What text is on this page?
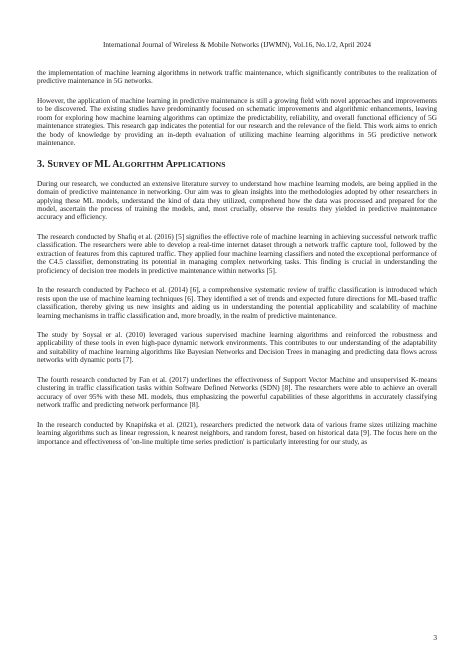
International Journal of Wireless & Mobile Networks (IJWMN), Vol.16, No.1/2, April 2024

the implementation of machine learning algorithms in network traffic maintenance, which significantly contributes to the realization of predictive maintenance in 5G networks.

However, the application of machine learning in predictive maintenance is still a growing field with novel approaches and improvements to be discovered. The existing studies have predominantly focused on schematic improvements and algorithmic enhancements, leaving room for exploring how machine learning algorithms can optimize the predictability, reliability, and overall functional efficiency of 5G maintenance strategies. This research gap indicates the potential for our research and the relevance of the field. This work aims to enrich the body of knowledge by providing an in-depth evaluation of utilizing machine learning algorithms in 5G predictive network maintenance.

3. SURVEY OF ML ALGORITHM APPLICATIONS

During our research, we conducted an extensive literature survey to understand how machine learning models, are being applied in the domain of predictive maintenance in networking. Our aim was to glean insights into the methodologies adopted by other researchers in applying these ML models, understand the kind of data they utilized, comprehend how the data was processed and prepared for the model, ascertain the process of training the models, and, most crucially, observe the results they yielded in predictive maintenance accuracy and efficiency.

The research conducted by Shafiq et al. (2016) [5] signifies the effective role of machine learning in achieving successful network traffic classification. The researchers were able to develop a real-time internet dataset through a network traffic capture tool, followed by the extraction of features from this captured traffic. They applied four machine learning classifiers and noted the exceptional performance of the C4.5 classifier, demonstrating its potential in managing complex networking tasks. This finding is crucial in understanding the proficiency of decision tree models in predictive maintenance within networks [5].

In the research conducted by Pacheco et al. (2014) [6], a comprehensive systematic review of traffic classification is introduced which rests upon the use of machine learning techniques [6]. They identified a set of trends and expected future directions for ML-based traffic classification, thereby giving us new insights and aiding us in understanding the potential applicability and scalability of machine learning mechanisms in traffic classification and, more broadly, in the realm of predictive maintenance.

The study by Soysal er al. (2010) leveraged various supervised machine learning algorithms and reinforced the robustness and applicability of these tools in even high-pace dynamic network environments. This contributes to our understanding of the adaptability and suitability of machine learning algorithms like Bayesian Networks and Decision Trees in managing and predicting data flows across networks with dynamic ports [7].

The fourth research conducted by Fan et al. (2017) underlines the effectiveness of Support Vector Machine and unsupervised K-means clustering in traffic classification tasks within Software Defined Networks (SDN) [8]. The researchers were able to achieve an overall accuracy of over 95% with these ML models, thus emphasizing the powerful capabilities of these algorithms in accurately classifying network traffic and predicting network performance [8].

In the research conducted by Knapińska et al. (2021), researchers predicted the network data of various frame sizes utilizing machine learning algorithms such as linear regression, k nearest neighbors, and random forest, based on historical data [9]. The focus here on the importance and effectiveness of 'on-line multiple time series prediction' is particularly interesting for our study, as

3
